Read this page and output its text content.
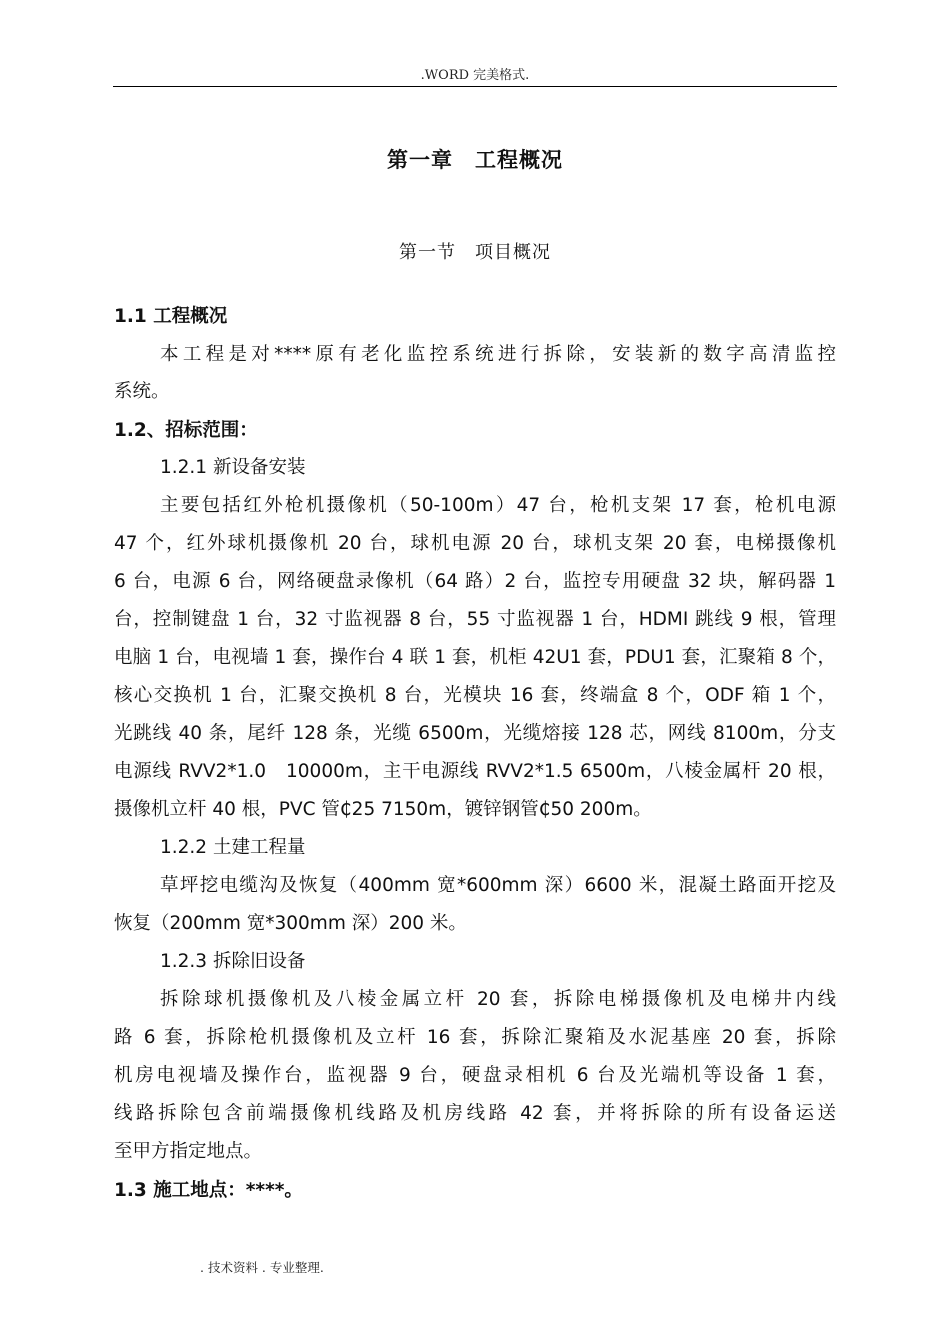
.WORD 完美格式.
第一章　工程概况
第一节　项目概况
1.1 工程概况
本工程是对****原有老化监控系统进行拆除，安装新的数字高清监控
系统。
1.2、招标范围：
1.2.1 新设备安装
主要包括红外枪机摄像机（50-100m）47 台，枪机支架 17 套，枪机电源
47 个，红外球机摄像机 20 台，球机电源 20 台，球机支架 20 套，电梯摄像机
6 台，电源 6 台，网络硬盘录像机（64 路）2 台，监控专用硬盘 32 块，解码器 1
台，控制键盘 1 台，32 寸监视器 8 台，55 寸监视器 1 台，HDMI 跳线 9 根，管理
电脑 1 台，电视墙 1 套，操作台 4 联 1 套，机柜 42U1 套，PDU1 套，汇聚箱 8 个，
核心交换机 1 台，汇聚交换机 8 台，光模块 16 套，终端盒 8 个，ODF 箱 1 个，
光跳线 40 条，尾纤 128 条，光缆 6500m，光缆熔接 128 芯，网线 8100m，分支
电源线 RVV2*1.0　10000m，主干电源线 RVV2*1.5 6500m，八棱金属杆 20 根，
摄像机立杆 40 根，PVC 管₵25 7150m，镀锌钢管₵50 200m。
1.2.2 土建工程量
草坪挖电缆沟及恢复（400mm 宽*600mm 深）6600 米，混凝土路面开挖及
恢复（200mm 宽*300mm 深）200 米。
1.2.3 拆除旧设备
拆除球机摄像机及八棱金属立杆 20 套，拆除电梯摄像机及电梯井内线
路 6 套，拆除枪机摄像机及立杆 16 套，拆除汇聚箱及水泥基座 20 套，拆除
机房电视墙及操作台，监视器 9 台，硬盘录相机 6 台及光端机等设备 1 套，
线路拆除包含前端摄像机线路及机房线路 42 套，并将拆除的所有设备运送
至甲方指定地点。
1.3 施工地点：****。
. 技术资料 . 专业整理.
